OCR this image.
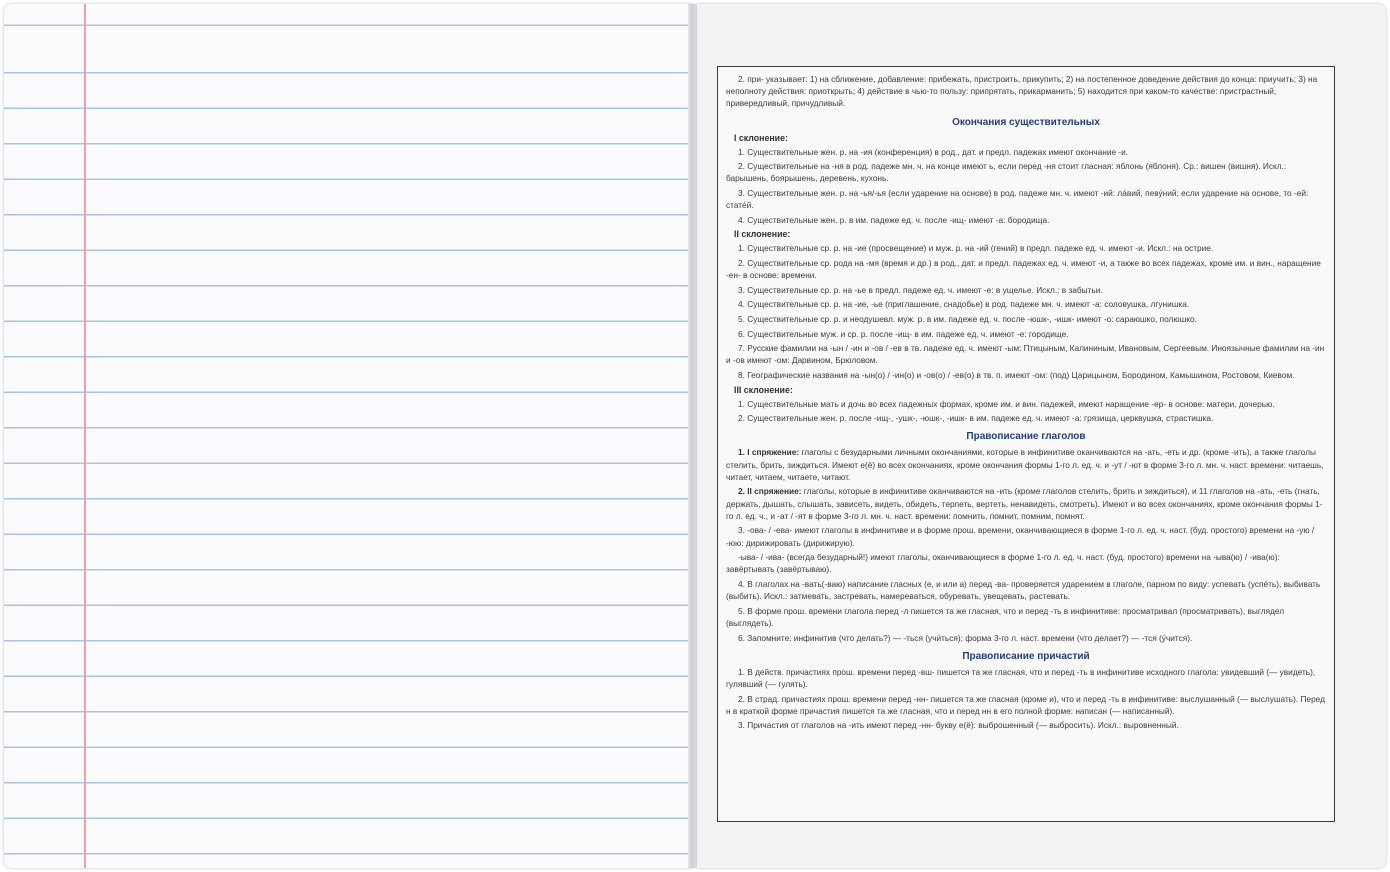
2. при- указывает: 1) на сближение, добавление: прибежать, пристроить, прикупить; 2) на постепенное доведение действия до конца: приучить; 3) на неполноту действия: приоткрыть; 4) действие в чью-то пользу: припрятать, прикарманить; 5) находится при каком-то качестве: пристрастный, привередливый, причудливый.

Окончания существительных
I склонение:

1. Существительные жен. р. на -ия (конференция) в род., дат. и предл. падежах имеют окончание -и.

2. Существительные на -ня в род. падеже мн. ч. на конце имеют ь, если перед -ня стоит гласная: яблонь (яблоня). Ср.: вишен (вишня). Искл.: барышень, боярышень, деревень, кухонь.

3. Существительные жен. р. на -ья/-ья (если ударение на основе) в род. падеже мн. ч. имеют -ий: ла́вий, певу́ний; если ударение на основе, то -ей: стате́й.

4. Существительные жен. р. в им. падеже ед. ч. после -ищ- имеют -а: бородища.

II склонение:

1. Существительные ср. р. на -ие (просвещение) и муж. р. на -ий (гений) в предл. падеже ед. ч. имеют -и. Искл.: на острие.

2. Существительные ср. рода на -мя (время и др.) в род., дат. и предл. падежах ед. ч. имеют -и, а также во всех падежах, кроме им. и вин., наращение -ен- в основе: времени.

3. Существительные ср. р. на -ье в предл. падеже ед. ч. имеют -е: в ущелье. Искл.: в забытьи.

4. Существительные ср. р. на -ие, -ье (приглашение, снадобье) в род. падеже мн. ч. имеют -а: соловушка, лгунишка.

5. Существительные ср. р. и неодушевл. муж. р. в им. падеже ед. ч. после -юшк-, -ишк- имеют -о: сараюшко, полюшко.

6. Существительные муж. и ср. р. после -ищ- в им. падеже ед. ч. имеют -е: городище.

7. Русские фамилии на -ын / -ин и -ов / -ев в тв. падеже ед. ч. имеют -ым: Птицыным, Калининым, Ивановым, Сергеевым. Иноязычные фамилии на -ин и -ов имеют -ом: Дарвином, Брюловом.

8. Географические названия на -ын(о) / -ин(о) и -ов(о) / -ев(о) в тв. п. имеют -ом: (под) Царицыном, Бородином, Камышином, Ростовом, Киевом.

III склонение:

1. Существительные мать и дочь во всех падежных формах, кроме им. и вин. падежей, имеют наращение -ер- в основе: матери, дочерью.

2. Существительные жен. р. после -ищ-, -ушк-, -юшк-, -ишк- в им. падеже ед. ч. имеют -а: грязища, церквушка, страстишка.

Правописание глаголов

1. I спряжение: глаголы с безударными личными окончаниями, которые в инфинитиве оканчиваются на -ать, -еть и др. (кроме -ить), а также глаголы стелить, брить, зиждиться. Имеют е(ё) во всех окончаниях, кроме окончания формы 1-го л. ед. ч. и -ут / -ют в форме 3-го л. мн. ч. наст. времени: читаешь, читает, читаем, читаете, читают.

2. II спряжение: глаголы, которые в инфинитиве оканчиваются на -ить (кроме глаголов стелить, брить и зиждиться), и 11 глаголов на -ать, -еть (гнать, держать, дышать, слышать, зависеть, видеть, обидеть, терпеть, вертеть, ненавидеть, смотреть). Имеют и во всех окончаниях, кроме окончания формы 1-го л. ед. ч., и -ат / -ят в форме 3-го л. мн. ч. наст. времени: помнить, помнит, помним, помнят.

3. -ова- / -ева- имеют глаголы в инфинитиве и в форме прош. времени, оканчивающиеся в форме 1-го л. ед. ч. наст. (буд. простого) времени на -ую / -юю: дирижировать (дирижирую).

-ыва- / -ива- (всегда безударный!) имеют глаголы, оканчивающиеся в форме 1-го л. ед. ч. наст. (буд. простого) времени на -ыва(ю) / -ива(ю): завёртывать (завёртываю).

4. В глаголах на -вать(-ваю) написание гласных (е, и или а) перед -ва- проверяется ударением в глаголе, парном по виду: успевать (успе́ть), выбивать (выбить). Искл.: затмевать, застревать, намереваться, обуревать, увещевать, растевать.

5. В форме прош. времени глагола перед -л пишется та же гласная, что и перед -ть в инфинитиве: просматривал (просматривать), выглядел (выглядеть).

6. Запомните: инфинитив (что делать?) — -ться (учи́ться); форма 3-го л. наст. времени (что делает?) — -тся (у́чится).

Правописание причастий

1. В действ. причастиях прош. времени перед -вш- пишется та же гласная, что и перед -ть в инфинитиве исходного глагола: увидевший (— увидеть), гулявший (— гулять).

2. В страд. причастиях прош. времени перед -нн- пишется та же гласная (кроме и), что и перед -ть в инфинитиве: выслушанный (— выслушать). Перед н в краткой форме причастия пишется та же гласная, что и перед нн в его полной форме: написан (— написанный).

3. Причастия от глаголов на -ить имеют перед -нн- букву е(ё): выброшенный (— выбросить). Искл.: выровненный.
